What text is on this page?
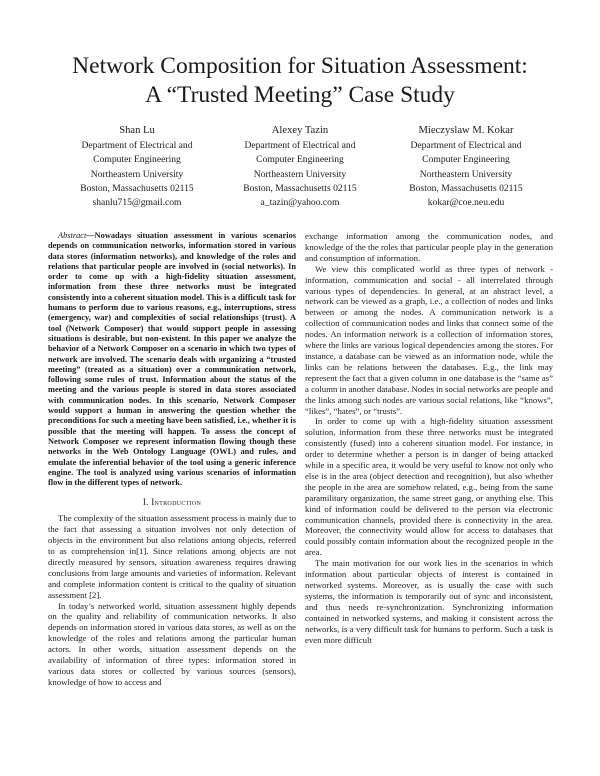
Network Composition for Situation Assessment:
A “Trusted Meeting” Case Study
Shan Lu
Department of Electrical and
Computer Engineering
Northeastern University
Boston, Massachusetts 02115
shanlu715@gmail.com
Alexey Tazin
Department of Electrical and
Computer Engineering
Northeastern University
Boston, Massachusetts 02115
a_tazin@yahoo.com
Mieczyslaw M. Kokar
Department of Electrical and
Computer Engineering
Northeastern University
Boston, Massachusetts 02115
kokar@coe.neu.edu

Abstract—Nowadays situation assessment in various scenarios depends on communication networks, information stored in various data stores (information networks), and knowledge of the roles and relations that particular people are involved in (social networks). In order to come up with a high-fidelity situation assessment, information from these three networks must be integrated consistently into a coherent situation model. This is a difficult task for humans to perform due to various reasons, e.g., interruptions, stress (emergency, war) and complexities of social relationships (trust). A tool (Network Composer) that would support people in assessing situations is desirable, but non-existent. In this paper we analyze the behavior of a Network Composer on a scenario in which two types of network are involved. The scenario deals with organizing a “trusted meeting” (treated as a situation) over a communication network, following some rules of trust. Information about the status of the meeting and the various people is stored in data stores associated with communication nodes. In this scenario, Network Composer would support a human in answering the question whether the preconditions for such a meeting have been satisfied, i.e., whether it is possible that the meeting will happen. To assess the concept of Network Composer we represent information flowing though these networks in the Web Ontology Language (OWL) and rules, and emulate the inferential behavior of the tool using a generic inference engine. The tool is analyzed using various scenarios of information flow in the different types of network.

I. Introduction

The complexity of the situation assessment process is mainly due to the fact that assessing a situation involves not only detection of objects in the environment but also relations among objects, referred to as comprehension in[1]. Since relations among objects are not directly measured by sensors, situation awareness requires drawing conclusions from large amounts and varieties of information. Relevant and complete information content is critical to the quality of situation assessment [2].

In today’s networked world, situation assessment highly depends on the quality and reliability of communication networks. It also depends on information stored in various data stores, as well as on the knowledge of the roles and relations among the particular human actors. In other words, situation assessment depends on the availability of information of three types: information stored in various data stores or collected by various sources (sensors), knowledge of how to access and

exchange information among the communication nodes, and knowledge of the the roles that particular people play in the generation and consumption of information.

We view this complicated world as three types of network - information, communication and social - all interrelated through various types of dependencies. In general, at an abstract level, a network can be viewed as a graph, i.e., a collection of nodes and links between or among the nodes. A communication network is a collection of communication nodes and links that connect some of the nodes. An information network is a collection of information stores, where the links are various logical dependencies among the stores. For instance, a database can be viewed as an information node, while the links can be relations between the databases. E.g., the link may represent the fact that a given column in one database is the “same as” a column in another database. Nodes in social networks are people and the links among such nodes are various social relations, like “knows”, “likes”, “hates”, or “trusts”.

In order to come up with a high-fidelity situation assessment solution, information from these three networks must be integrated consistently (fused) into a coherent situation model. For instance, in order to determine whether a person is in danger of being attacked while in a specific area, it would be very useful to know not only who else is in the area (object detection and recognition), but also whether the people in the area are somehow related, e.g., being from the same paramilitary organization, the same street gang, or anything else. This kind of information could be delivered to the person via electronic communication channels, provided there is connectivity in the area. Moreover, the connectivity would allow for access to databases that could possibly contain information about the recognized people in the area.

The main motivation for our work lies in the scenarios in which information about particular objects of interest is contained in networked systems. Moreover, as is usually the case with such systems, the information is temporarily out of sync and inconsistent, and thus needs re-synchronization. Synchronizing information contained in networked systems, and making it consistent across the networks, is a very difficult task for humans to perform. Such a task is even more difficult
